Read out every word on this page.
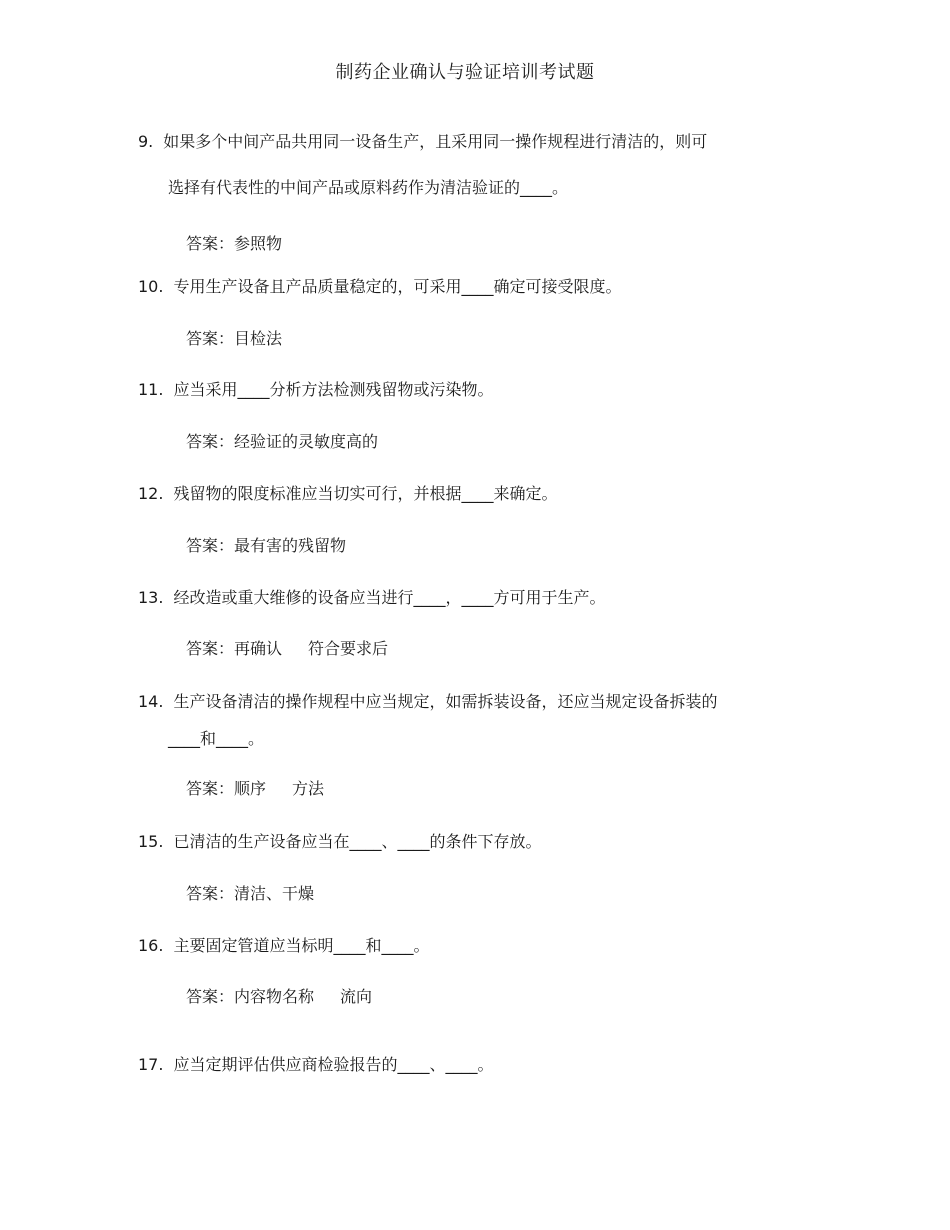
制药企业确认与验证培训考试题
9. 如果多个中间产品共用同一设备生产，且采用同一操作规程进行清洁的，则可
选择有代表性的中间产品或原料药作为清洁验证的____。
答案：参照物
10. 专用生产设备且产品质量稳定的，可采用____确定可接受限度。
答案：目检法
11. 应当采用____分析方法检测残留物或污染物。
答案：经验证的灵敏度高的
12. 残留物的限度标准应当切实可行，并根据____来确定。
答案：最有害的残留物
13. 经改造或重大维修的设备应当进行____，____方可用于生产。
答案：再确认 符合要求后
14. 生产设备清洁的操作规程中应当规定，如需拆装设备，还应当规定设备拆装的
____和____。
答案：顺序 方法
15. 已清洁的生产设备应当在____、____的条件下存放。
答案：清洁、干燥
16. 主要固定管道应当标明____和____。
答案：内容物名称 流向
17. 应当定期评估供应商检验报告的____、____。
